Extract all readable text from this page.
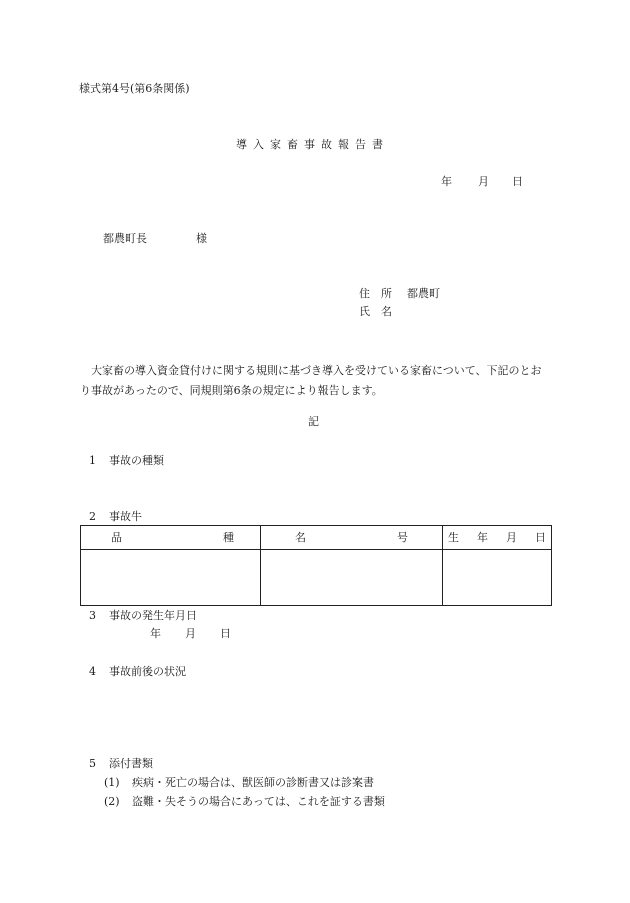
様式第4号(第6条関係)
導入家畜事故報告書
年 月 日
都農町長	様
住　所 都農町
氏　名
大家畜の導入資金貸付けに関する規則に基づき導入を受けている家畜について、下記のとおり事故があったので、同規則第6条の規定により報告します。
記
1 事故の種類
2 事故牛
品 種	名 号	生 年 月 日

3 事故の発生年月日
年 月 日
4 事故前後の状況
5 添付書類
(1) 疾病・死亡の場合は、獣医師の診断書又は診案書
(2) 盗難・失そうの場合にあっては、これを証する書類
